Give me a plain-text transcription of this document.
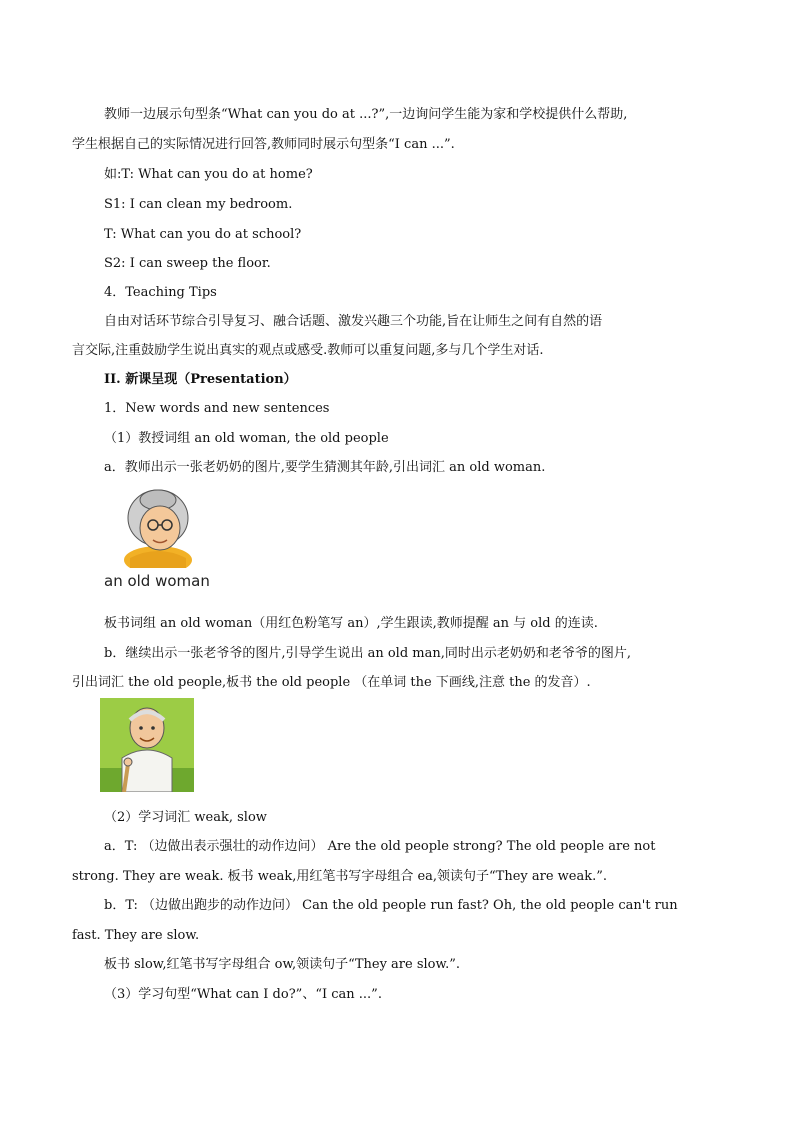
教师一边展示句型条“What can you do at ...?”,一边询问学生能为家和学校提供什么帮助,
学生根据自己的实际情况进行回答,教师同时展示句型条“I can ...”.
如:T: What can you do at home?
S1: I can clean my bedroom.
T: What can you do at school?
S2: I can sweep the floor.
4．Teaching Tips
自由对话环节综合引导复习、融合话题、激发兴趣三个功能,旨在让师生之间有自然的语
言交际,注重鼓励学生说出真实的观点或感受.教师可以重复问题,多与几个学生对话.
II. 新课呈现（Presentation）
1．New words and new sentences
（1）教授词组 an old woman, the old people
a．教师出示一张老奶奶的图片,要学生猜测其年龄,引出词汇 an old woman.
an old woman
板书词组 an old woman（用红色粉笔写 an）,学生跟读,教师提醒 an 与 old 的连读.
b．继续出示一张老爷爷的图片,引导学生说出 an old man,同时出示老奶奶和老爷爷的图片,
引出词汇 the old people,板书 the old people （在单词 the 下画线,注意 the 的发音）.
（2）学习词汇 weak, slow
a．T: （边做出表示强壮的动作边问） Are the old people strong? The old people are not
strong. They are weak. 板书 weak,用红笔书写字母组合 ea,领读句子“They are weak.”.
b．T: （边做出跑步的动作边问） Can the old people run fast? Oh, the old people can't run
fast. They are slow.
板书 slow,红笔书写字母组合 ow,领读句子“They are slow.”.
（3）学习句型“What can I do?”、“I can ...”.
